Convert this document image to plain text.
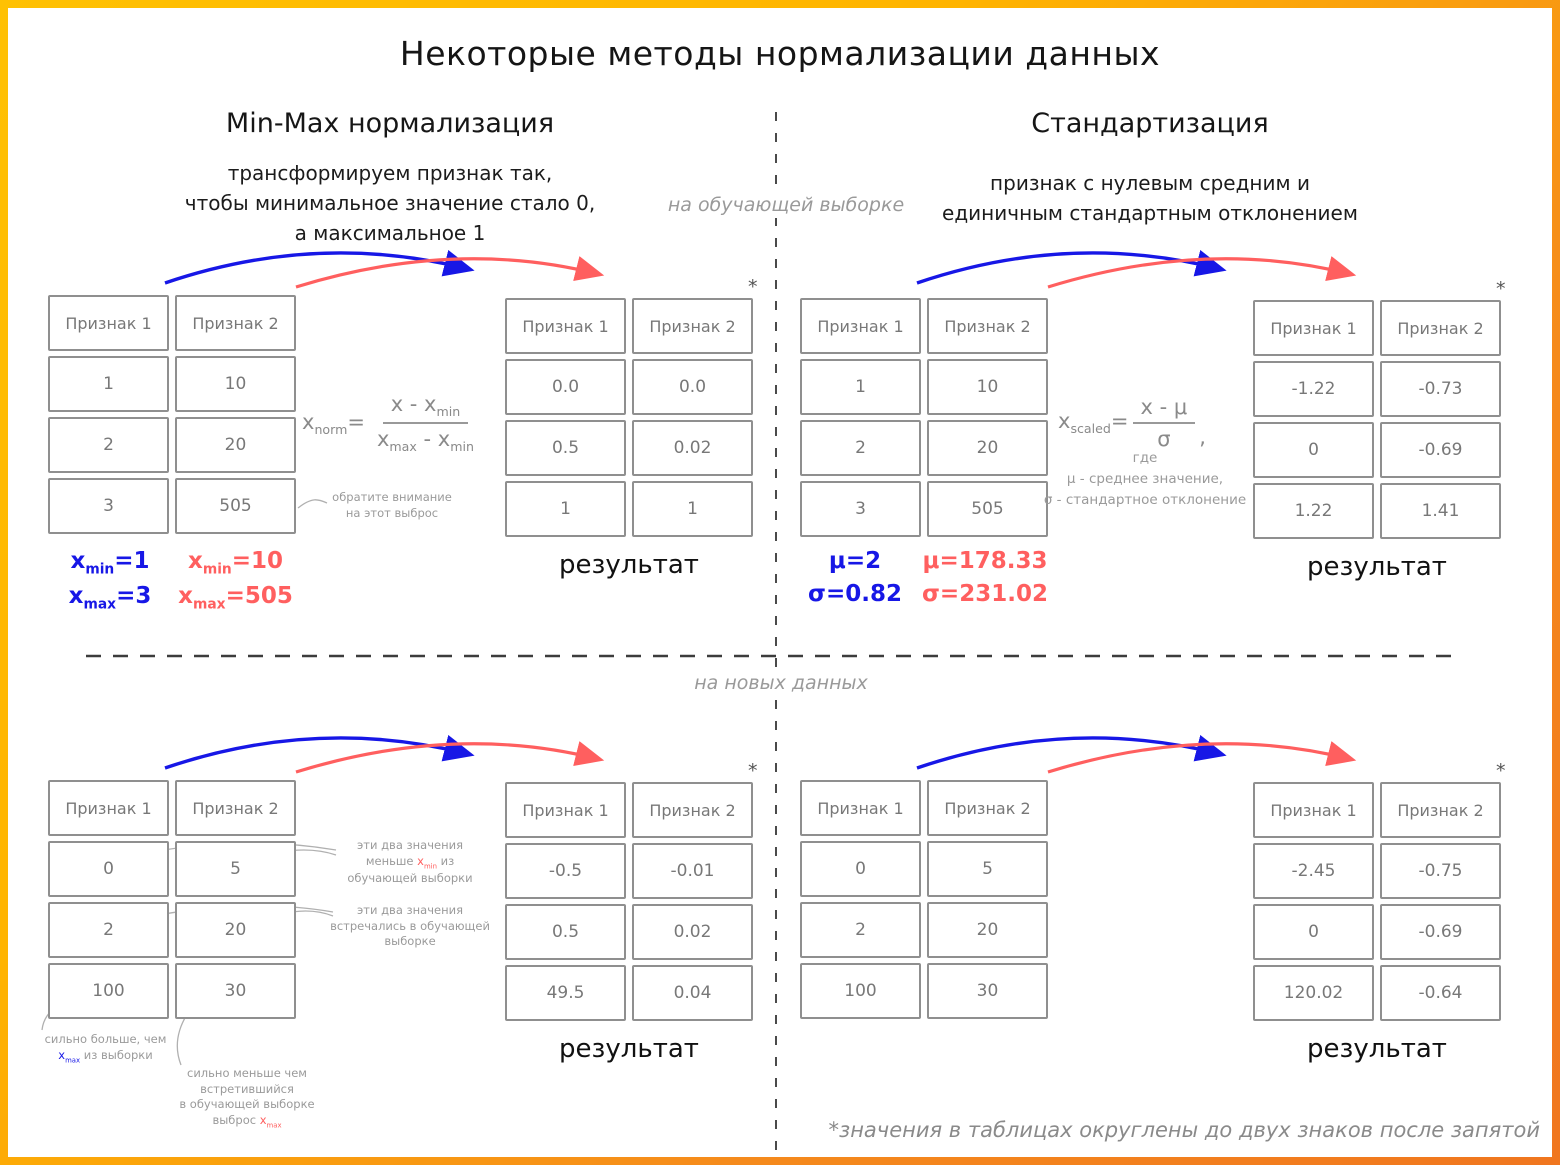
Некоторые методы нормализации данных
Min-Max нормализация
трансформируем признак так,
чтобы минимальное значение стало 0,
а максимальное 1
Стандартизация
признак с нулевым средним и
единичным стандартным отклонением
на обучающей выборке
на новых данных
Признак 1	Признак 2
1	10
2	20
3	505
$x_{norm}= \frac{x - x_{min}}{x_{max} - x_{min}}$
обратите внимание
на этот выброс
Признак 1	Признак 2
0.0	0.0
0.5	0.02
1	1
*
результат
$x_{min}=1$
$x_{max}=3$
$x_{min}=10$
$x_{max}=505$
Признак 1	Признак 2
1	10
2	20
3	505
$x_{scaled}= \frac{x - \mu}{\sigma}$ ,
где
μ - среднее значение,
σ - стандартное отклонение
Признак 1	Признак 2
-1.22	-0.73
0	-0.69
1.22	1.41
*
результат
μ=2
σ=0.82
μ=178.33
σ=231.02
Признак 1	Признак 2
0	5
2	20
100	30
эти два значения
меньше $x_{min}$ из
обучающей выборки
эти два значения
встречались в обучающей
выборке
сильно больше, чем
$x_{max}$ из выборки
сильно меньше чем
встретившийся
в обучающей выборке
выброс $x_{max}$
Признак 1	Признак 2
-0.5	-0.01
0.5	0.02
49.5	0.04
*
результат
Признак 1	Признак 2
0	5
2	20
100	30
Признак 1	Признак 2
-2.45	-0.75
0	-0.69
120.02	-0.64
*
результат
*значения в таблицах округлены до двух знаков после запятой
